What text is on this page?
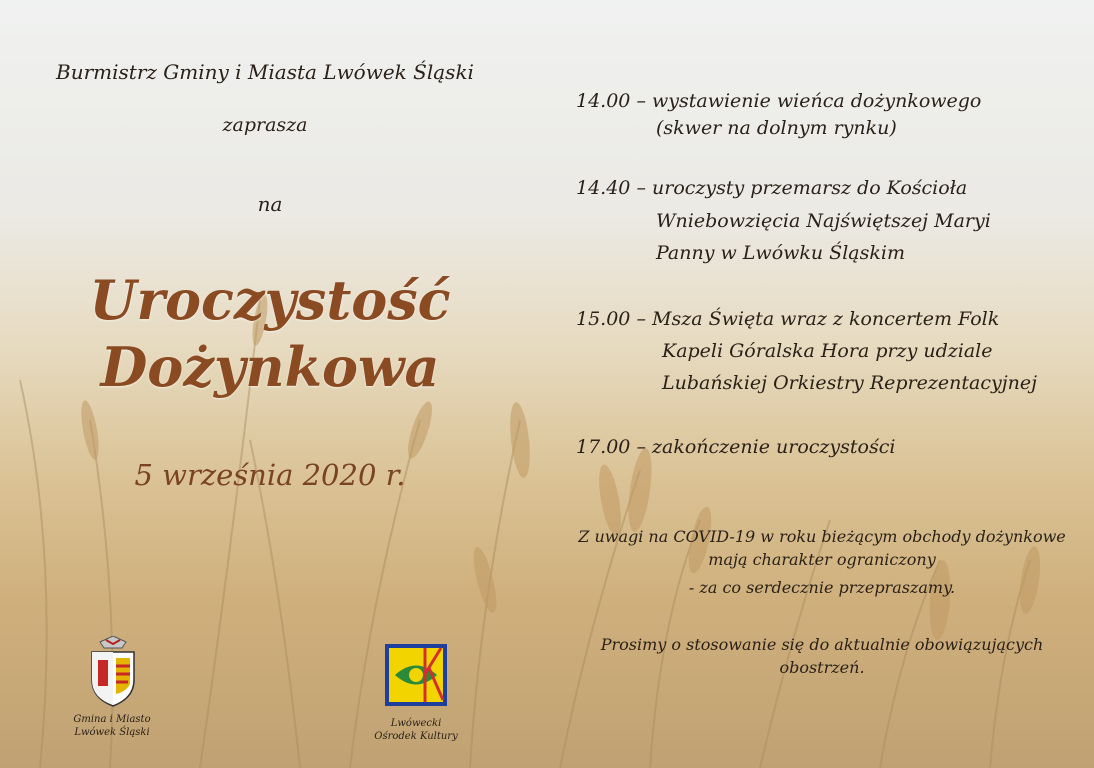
Burmistrz Gminy i Miasta Lwówek Śląski
zaprasza
na
Uroczystość
Dożynkowa
5 września 2020 r.
14.00 – wystawienie wieńca dożynkowego
(skwer na dolnym rynku)
14.40 – uroczysty przemarsz do Kościoła
Wniebowzięcia Najświętszej Maryi
Panny w Lwówku Śląskim
15.00 – Msza Święta wraz z koncertem Folk
Kapeli Góralska Hora przy udziale
Lubańskiej Orkiestry Reprezentacyjnej
17.00 – zakończenie uroczystości
Z uwagi na COVID-19 w roku bieżącym obchody dożynkowe
mają charakter ograniczony
- za co serdecznie przepraszamy.
Prosimy o stosowanie się do aktualnie obowiązujących
obostrzeń.
Gmina i Miasto
Lwówek Śląski
Lwówecki
Ośrodek Kultury
